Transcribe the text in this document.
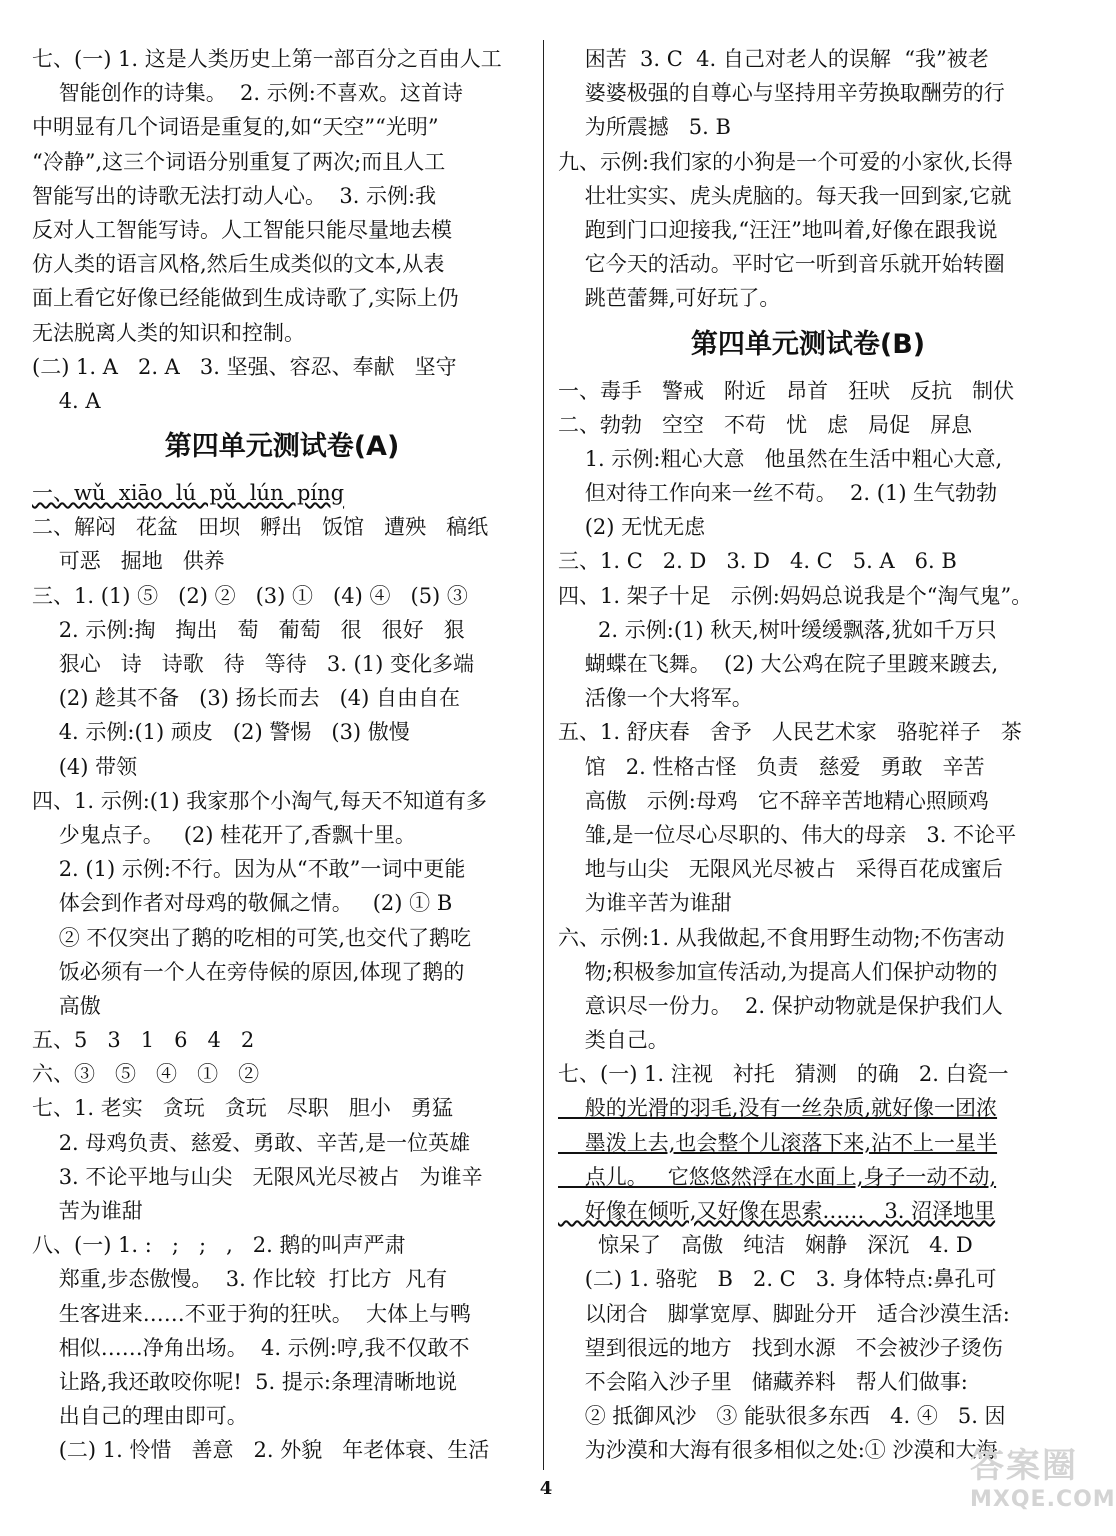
七、(一) 1. 这是人类历史上第一部百分之百由人工
智能创作的诗集。  2. 示例:不喜欢。这首诗
中明显有几个词语是重复的,如“天空”“光明”
“冷静”,这三个词语分别重复了两次;而且人工
智能写出的诗歌无法打动人心。  3. 示例:我
反对人工智能写诗。人工智能只能尽量地去模
仿人类的语言风格,然后生成类似的文本,从表
面上看它好像已经能做到生成诗歌了,实际上仍
无法脱离人类的知识和控制。
(二) 1. A   2. A   3. 坚强、容忍、奉献   坚守
4. A
第四单元测试卷(A)
一、wǔ  xiāo  lú  pǔ  lún  píng
二、解闷   花盆   田坝   孵出   饭馆   遭殃   稿纸
可恶   掘地   供养
三、1. (1) ⑤   (2) ②   (3) ①   (4) ④   (5) ③
2. 示例:掏   掏出   萄   葡萄   很   很好   狠
狠心   诗   诗歌   待   等待   3. (1) 变化多端
(2) 趁其不备   (3) 扬长而去   (4) 自由自在
4. 示例:(1) 顽皮   (2) 警惕   (3) 傲慢
(4) 带领
四、1. 示例:(1) 我家那个小淘气,每天不知道有多
少鬼点子。   (2) 桂花开了,香飘十里。
2. (1) 示例:不行。因为从“不敢”一词中更能
体会到作者对母鸡的敬佩之情。   (2) ① B
② 不仅突出了鹅的吃相的可笑,也交代了鹅吃
饭必须有一个人在旁侍候的原因,体现了鹅的
高傲
五、5   3   1   6   4   2
六、③   ⑤   ④   ①   ②
七、1. 老实   贪玩   贪玩   尽职   胆小   勇猛
2. 母鸡负责、慈爱、勇敢、辛苦,是一位英雄
3. 不论平地与山尖   无限风光尽被占   为谁辛
苦为谁甜
八、(一) 1. :   ;   ;   ,   2. 鹅的叫声严肃
郑重,步态傲慢。  3. 作比较  打比方  凡有
生客进来……不亚于狗的狂吠。  大体上与鸭
相似……净角出场。  4. 示例:哼,我不仅敢不
让路,我还敢咬你呢!  5. 提示:条理清晰地说
出自己的理由即可。
(二) 1. 怜惜   善意   2. 外貌   年老体衰、生活
困苦  3. C  4. 自己对老人的误解  “我”被老
婆婆极强的自尊心与坚持用辛劳换取酬劳的行
为所震撼   5. B
九、示例:我们家的小狗是一个可爱的小家伙,长得
壮壮实实、虎头虎脑的。每天我一回到家,它就
跑到门口迎接我,“汪汪”地叫着,好像在跟我说
它今天的活动。平时它一听到音乐就开始转圈
跳芭蕾舞,可好玩了。
第四单元测试卷(B)
一、毒手   警戒   附近   昂首   狂吠   反抗   制伏
二、勃勃   空空   不苟   忧   虑   局促   屏息
1. 示例:粗心大意   他虽然在生活中粗心大意,
但对待工作向来一丝不苟。  2. (1) 生气勃勃
(2) 无忧无虑
三、1. C   2. D   3. D   4. C   5. A   6. B
四、1. 架子十足   示例:妈妈总说我是个“淘气鬼”。
2. 示例:(1) 秋天,树叶缓缓飘落,犹如千万只
蝴蝶在飞舞。  (2) 大公鸡在院子里踱来踱去,
活像一个大将军。
五、1. 舒庆春   舍予   人民艺术家   骆驼祥子   茶
馆   2. 性格古怪   负责   慈爱   勇敢   辛苦
高傲   示例:母鸡   它不辞辛苦地精心照顾鸡
雏,是一位尽心尽职的、伟大的母亲   3. 不论平
地与山尖   无限风光尽被占   采得百花成蜜后
为谁辛苦为谁甜
六、示例:1. 从我做起,不食用野生动物;不伤害动
物;积极参加宣传活动,为提高人们保护动物的
意识尽一份力。  2. 保护动物就是保护我们人
类自己。
七、(一) 1. 注视   衬托   猜测   的确   2. 白瓷一
般的光滑的羽毛,没有一丝杂质,就好像一团浓
墨泼上去,也会整个儿滚落下来,沾不上一星半
点儿。   它悠悠然浮在水面上,身子一动不动,
好像在倾听,又好像在思索……   3. 沼泽地里
惊呆了   高傲   纯洁   娴静   深沉   4. D
(二) 1. 骆驼   B   2. C   3. 身体特点:鼻孔可
以闭合   脚掌宽厚、脚趾分开   适合沙漠生活:
望到很远的地方   找到水源   不会被沙子烫伤
不会陷入沙子里   储藏养料   帮人们做事:
② 抵御风沙   ③ 能驮很多东西   4. ④   5. 因
为沙漠和大海有很多相似之处:① 沙漠和大海
4
答案圈
MXQE.COM
